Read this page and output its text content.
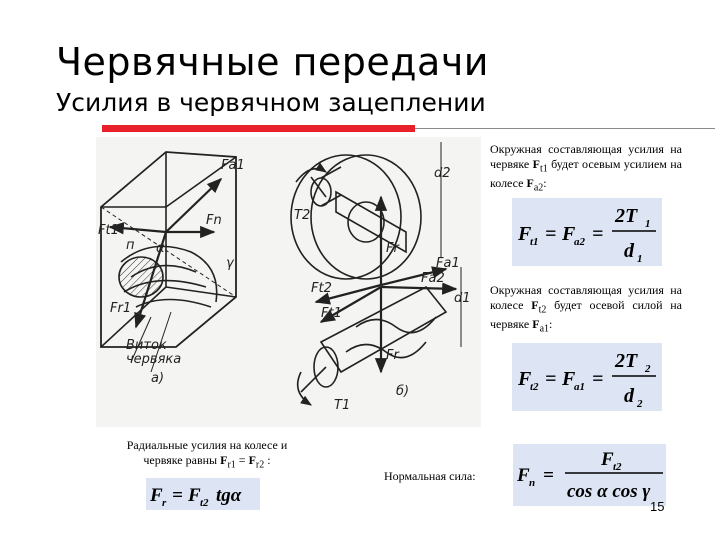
Червячные передачи
Усилия в червячном зацеплении
Fa1
Ft1
Fn
Fr1
п α
γ
Виток
червяка
а)
d2
d1
T2
T1
Fr
Ft2
Fa2
Fa1
Ft1
Fr
б)
Окружная составляющая усилия на червяке $F_{t1}$ будет осевым усилием на колесе $F_{a2}$:
F
t1 = F
a2 =
2T 1
d 1
Окружная составляющая усилия на колесе $F_{t2}$ будет осевой силой на червяке $F_{a1}$:
F
t2 = F
a1 =
2T 2
d 2
Радиальные усилия на колесе и червяке равны $F_{r1} = F_{r2}$ :
F r = F t2 tgα
Нормальная сила: F n =
F t2
cos α cos γ
15
